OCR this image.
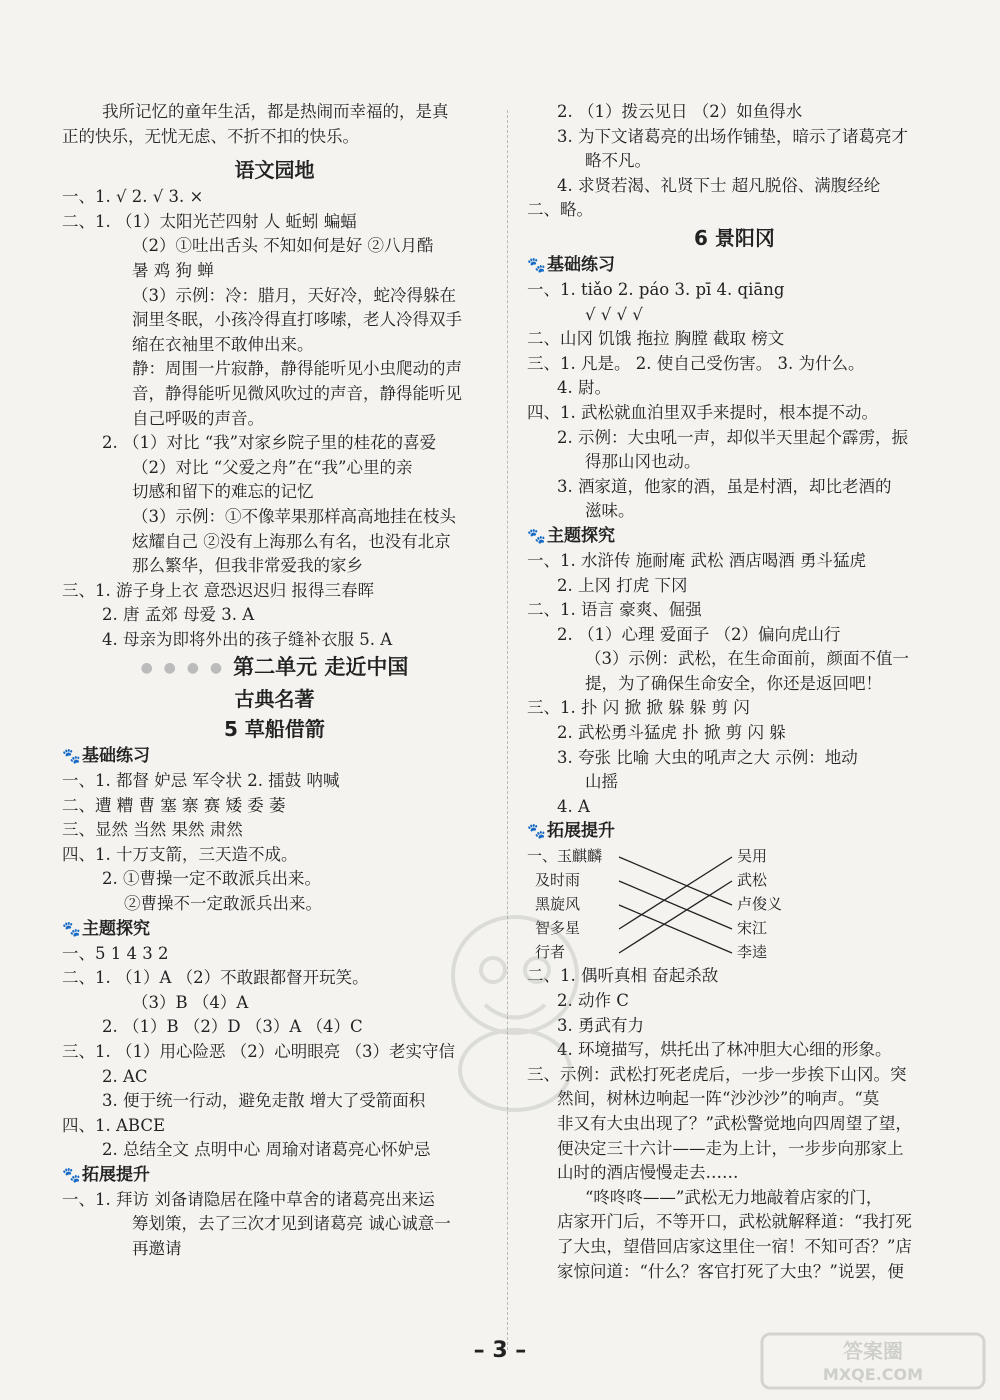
我所记忆的童年生活，都是热闹而幸福的，是真
正的快乐，无忧无虑、不折不扣的快乐。
语文园地
一、1. √ 2. √ 3. ×
二、1. （1）太阳光芒四射 人 蚯蚓 蝙蝠
（2）①吐出舌头 不知如何是好 ②八月酷
暑 鸡 狗 蝉
（3）示例：冷：腊月，天好冷，蛇冷得躲在
洞里冬眠，小孩冷得直打哆嗦，老人冷得双手
缩在衣袖里不敢伸出来。
静：周围一片寂静，静得能听见小虫爬动的声
音，静得能听见微风吹过的声音，静得能听见
自己呼吸的声音。
2. （1）对比 “我”对家乡院子里的桂花的喜爱
（2）对比 “父爱之舟”在“我”心里的亲
切感和留下的难忘的记忆
（3）示例：①不像苹果那样高高地挂在枝头
炫耀自己 ②没有上海那么有名，也没有北京
那么繁华，但我非常爱我的家乡
三、1. 游子身上衣 意恐迟迟归 报得三春晖
2. 唐 孟郊 母爱 3. A
4. 母亲为即将外出的孩子缝补衣服 5. A
● ● ● ● 第二单元 走近中国
古典名著
5 草船借箭
🐾基础练习
一、1. 都督 妒忌 军令状 2. 擂鼓 呐喊
二、遭 糟 曹 塞 寨 赛 矮 委 萎
三、显然 当然 果然 肃然
四、1. 十万支箭，三天造不成。
2. ①曹操一定不敢派兵出来。
②曹操不一定敢派兵出来。
🐾主题探究
一、5 1 4 3 2
二、1. （1）A （2）不敢跟都督开玩笑。
（3）B （4）A
2. （1）B （2）D （3）A （4）C
三、1. （1）用心险恶 （2）心明眼亮 （3）老实守信
2. AC
3. 便于统一行动，避免走散 增大了受箭面积
四、1. ABCE
2. 总结全文 点明中心 周瑜对诸葛亮心怀妒忌
🐾拓展提升
一、1. 拜访 刘备请隐居在隆中草舍的诸葛亮出来运
筹划策，去了三次才见到诸葛亮 诚心诚意一
再邀请
2. （1）拨云见日 （2）如鱼得水
3. 为下文诸葛亮的出场作铺垫，暗示了诸葛亮才
略不凡。
4. 求贤若渴、礼贤下士 超凡脱俗、满腹经纶
二、略。
6 景阳冈
🐾基础练习
一、1. tiǎo 2. páo 3. pī 4. qiāng
√ √ √ √
二、山冈 饥饿 拖拉 胸膛 截取 榜文
三、1. 凡是。 2. 使自己受伤害。 3. 为什么。
4. 尉。
四、1. 武松就血泊里双手来提时，根本提不动。
2. 示例：大虫吼一声，却似半天里起个霹雳，振
得那山冈也动。
3. 酒家道，他家的酒，虽是村酒，却比老酒的
滋味。
🐾主题探究
一、1. 水浒传 施耐庵 武松 酒店喝酒 勇斗猛虎
2. 上冈 打虎 下冈
二、1. 语言 豪爽、倔强
2. （1）心理 爱面子 （2）偏向虎山行
（3）示例：武松，在生命面前，颜面不值一
提，为了确保生命安全，你还是返回吧！
三、1. 扑 闪 掀 掀 躲 躲 剪 闪
2. 武松勇斗猛虎 扑 掀 剪 闪 躲
3. 夸张 比喻 大虫的吼声之大 示例：地动
山摇
4. A
🐾拓展提升
一、 玉麒麟
及时雨
黑旋风
智多星
行者
吴用
武松
卢俊义
宋江
李逵
二、1. 偶听真相 奋起杀敌
2. 动作 C
3. 勇武有力
4. 环境描写，烘托出了林冲胆大心细的形象。
三、示例：武松打死老虎后，一步一步挨下山冈。突
然间，树林边响起一阵“沙沙沙”的响声。“莫
非又有大虫出现了？”武松警觉地向四周望了望，
便决定三十六计——走为上计，一步步向那家上
山时的酒店慢慢走去……
“咚咚咚——”武松无力地敲着店家的门，
店家开门后，不等开口，武松就解释道：“我打死
了大虫，望借回店家这里住一宿！不知可否？”店
家惊问道：“什么？客官打死了大虫？”说罢，便
– 3 –	答案圈
MXQE.COM
